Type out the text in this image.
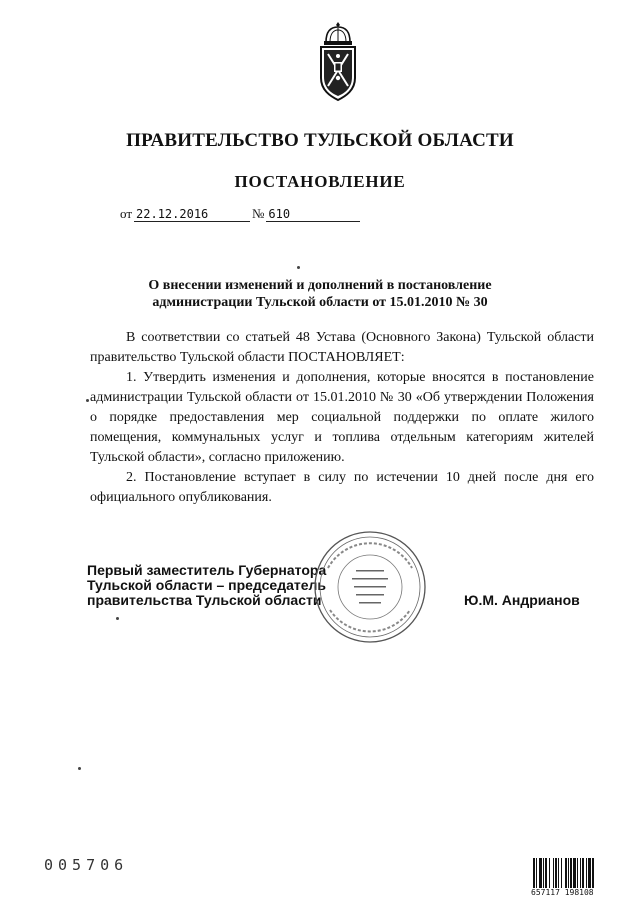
ПРАВИТЕЛЬСТВО ТУЛЬСКОЙ ОБЛАСТИ
ПОСТАНОВЛЕНИЕ
от 22.12.2016	№ 610
О внесении изменений и дополнений в постановление
администрации Тульской области от 15.01.2010 № 30

В соответствии со статьей 48 Устава (Основного Закона) Тульской области правительство Тульской области ПОСТАНОВЛЯЕТ:

1. Утвердить изменения и дополнения, которые вносятся в постановление администрации Тульской области от 15.01.2010 № 30 «Об утверждении Положения о порядке предоставления мер социальной поддержки по оплате жилого помещения, коммунальных услуг и топлива отдельным категориям жителей Тульской области», согласно приложению.

2. Постановление вступает в силу по истечении 10 дней после дня его официального опубликования.

Первый заместитель Губернатора
Тульской области – председатель
правительства Тульской области	Ю.М. Андрианов
005706
657117 198108
